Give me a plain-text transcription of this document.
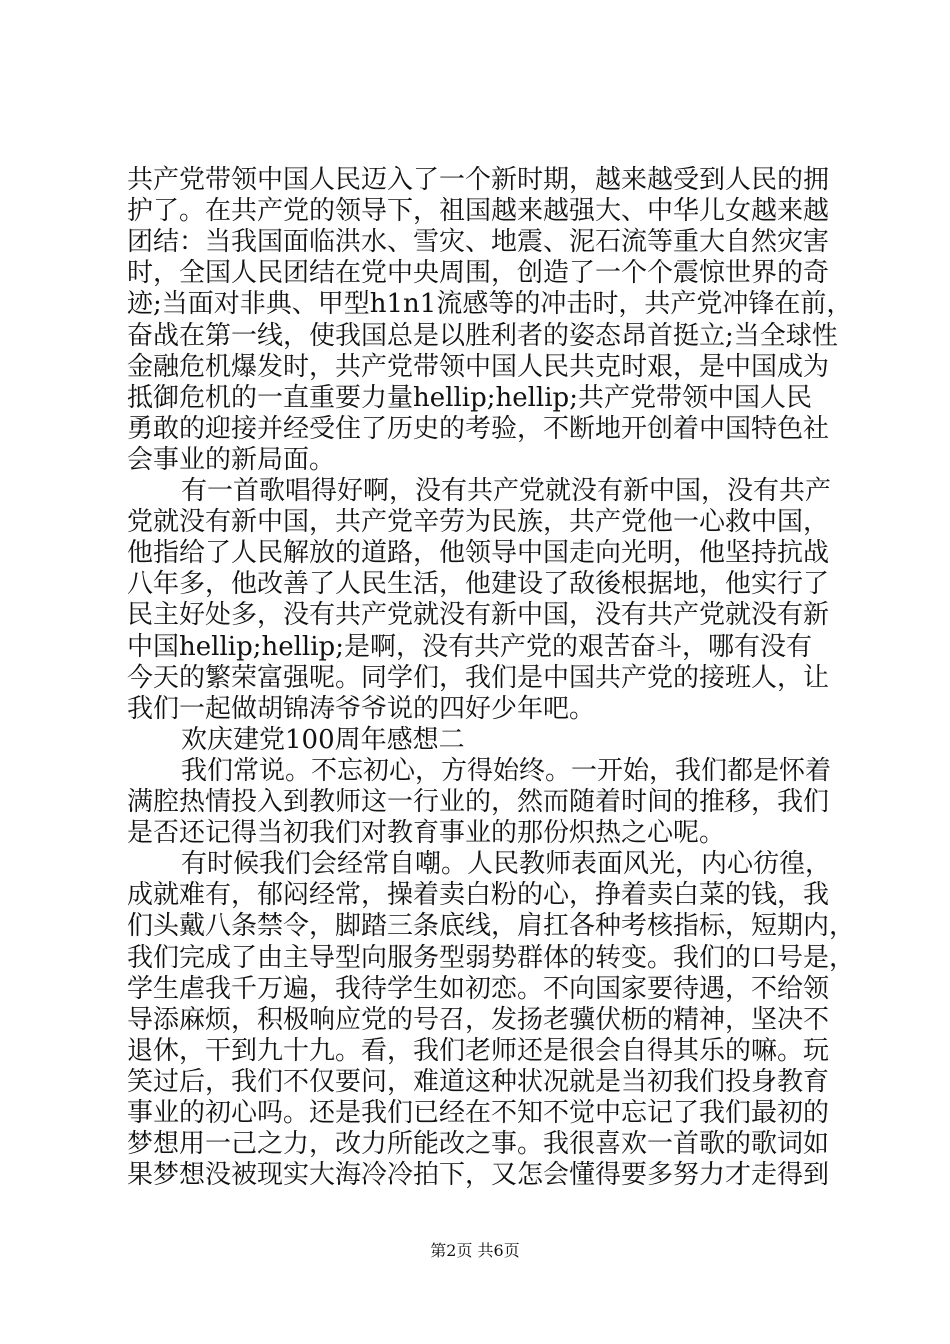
共产党带领中国人民迈入了一个新时期，越来越受到人民的拥
护了。在共产党的领导下，祖国越来越强大、中华儿女越来越
团结：当我国面临洪水、雪灾、地震、泥石流等重大自然灾害
时，全国人民团结在党中央周围，创造了一个个震惊世界的奇
迹;当面对非典、甲型h1n1流感等的冲击时，共产党冲锋在前，
奋战在第一线，使我国总是以胜利者的姿态昂首挺立;当全球性
金融危机爆发时，共产党带领中国人民共克时艰，是中国成为
抵御危机的一直重要力量hellip;hellip;共产党带领中国人民
勇敢的迎接并经受住了历史的考验，不断地开创着中国特色社
会事业的新局面。
有一首歌唱得好啊，没有共产党就没有新中国，没有共产
党就没有新中国，共产党辛劳为民族，共产党他一心救中国，
他指给了人民解放的道路，他领导中国走向光明，他坚持抗战
八年多，他改善了人民生活，他建设了敌後根据地，他实行了
民主好处多，没有共产党就没有新中国，没有共产党就没有新
中国hellip;hellip;是啊，没有共产党的艰苦奋斗，哪有没有
今天的繁荣富强呢。同学们，我们是中国共产党的接班人，让
我们一起做胡锦涛爷爷说的四好少年吧。
欢庆建党100周年感想二
我们常说。不忘初心，方得始终。一开始，我们都是怀着
满腔热情投入到教师这一行业的，然而随着时间的推移，我们
是否还记得当初我们对教育事业的那份炽热之心呢。
有时候我们会经常自嘲。人民教师表面风光，内心彷徨，
成就难有，郁闷经常，操着卖白粉的心，挣着卖白菜的钱，我
们头戴八条禁令，脚踏三条底线，肩扛各种考核指标，短期内，
我们完成了由主导型向服务型弱势群体的转变。我们的口号是，
学生虐我千万遍，我待学生如初恋。不向国家要待遇，不给领
导添麻烦，积极响应党的号召，发扬老骥伏枥的精神，坚决不
退休，干到九十九。看，我们老师还是很会自得其乐的嘛。玩
笑过后，我们不仅要问，难道这种状况就是当初我们投身教育
事业的初心吗。还是我们已经在不知不觉中忘记了我们最初的
梦想用一己之力，改力所能改之事。我很喜欢一首歌的歌词如
果梦想没被现实大海冷冷拍下，又怎会懂得要多努力才走得到
第2页 共6页
